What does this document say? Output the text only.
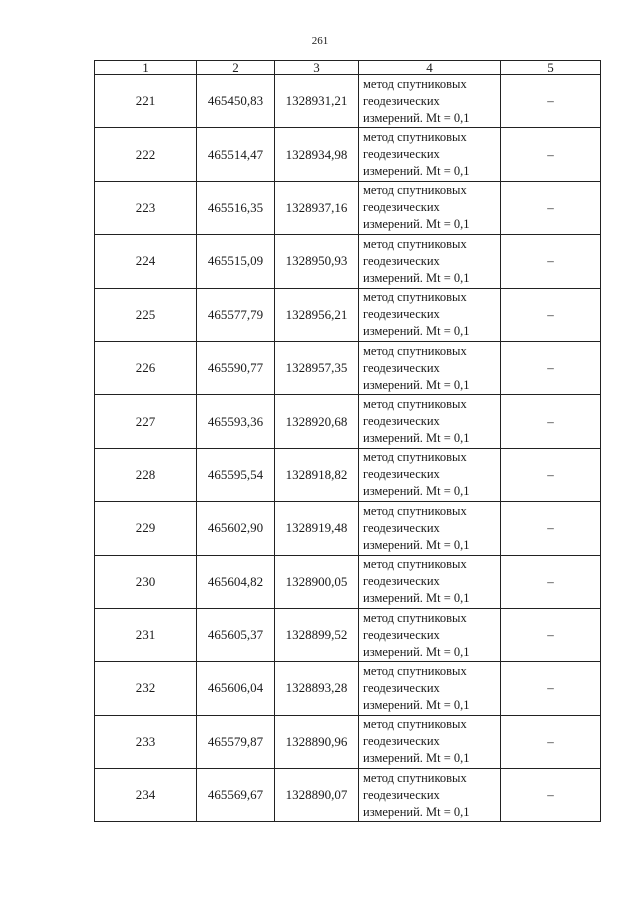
261
1	2	3	4	5
221	465450,83	1328931,21	метод спутниковых
геодезических
измерений. Mt = 0,1	–
222	465514,47	1328934,98	метод спутниковых
геодезических
измерений. Mt = 0,1	–
223	465516,35	1328937,16	метод спутниковых
геодезических
измерений. Mt = 0,1	–
224	465515,09	1328950,93	метод спутниковых
геодезических
измерений. Mt = 0,1	–
225	465577,79	1328956,21	метод спутниковых
геодезических
измерений. Mt = 0,1	–
226	465590,77	1328957,35	метод спутниковых
геодезических
измерений. Mt = 0,1	–
227	465593,36	1328920,68	метод спутниковых
геодезических
измерений. Mt = 0,1	–
228	465595,54	1328918,82	метод спутниковых
геодезических
измерений. Mt = 0,1	–
229	465602,90	1328919,48	метод спутниковых
геодезических
измерений. Mt = 0,1	–
230	465604,82	1328900,05	метод спутниковых
геодезических
измерений. Mt = 0,1	–
231	465605,37	1328899,52	метод спутниковых
геодезических
измерений. Mt = 0,1	–
232	465606,04	1328893,28	метод спутниковых
геодезических
измерений. Mt = 0,1	–
233	465579,87	1328890,96	метод спутниковых
геодезических
измерений. Mt = 0,1	–
234	465569,67	1328890,07	метод спутниковых
геодезических
измерений. Mt = 0,1	–
